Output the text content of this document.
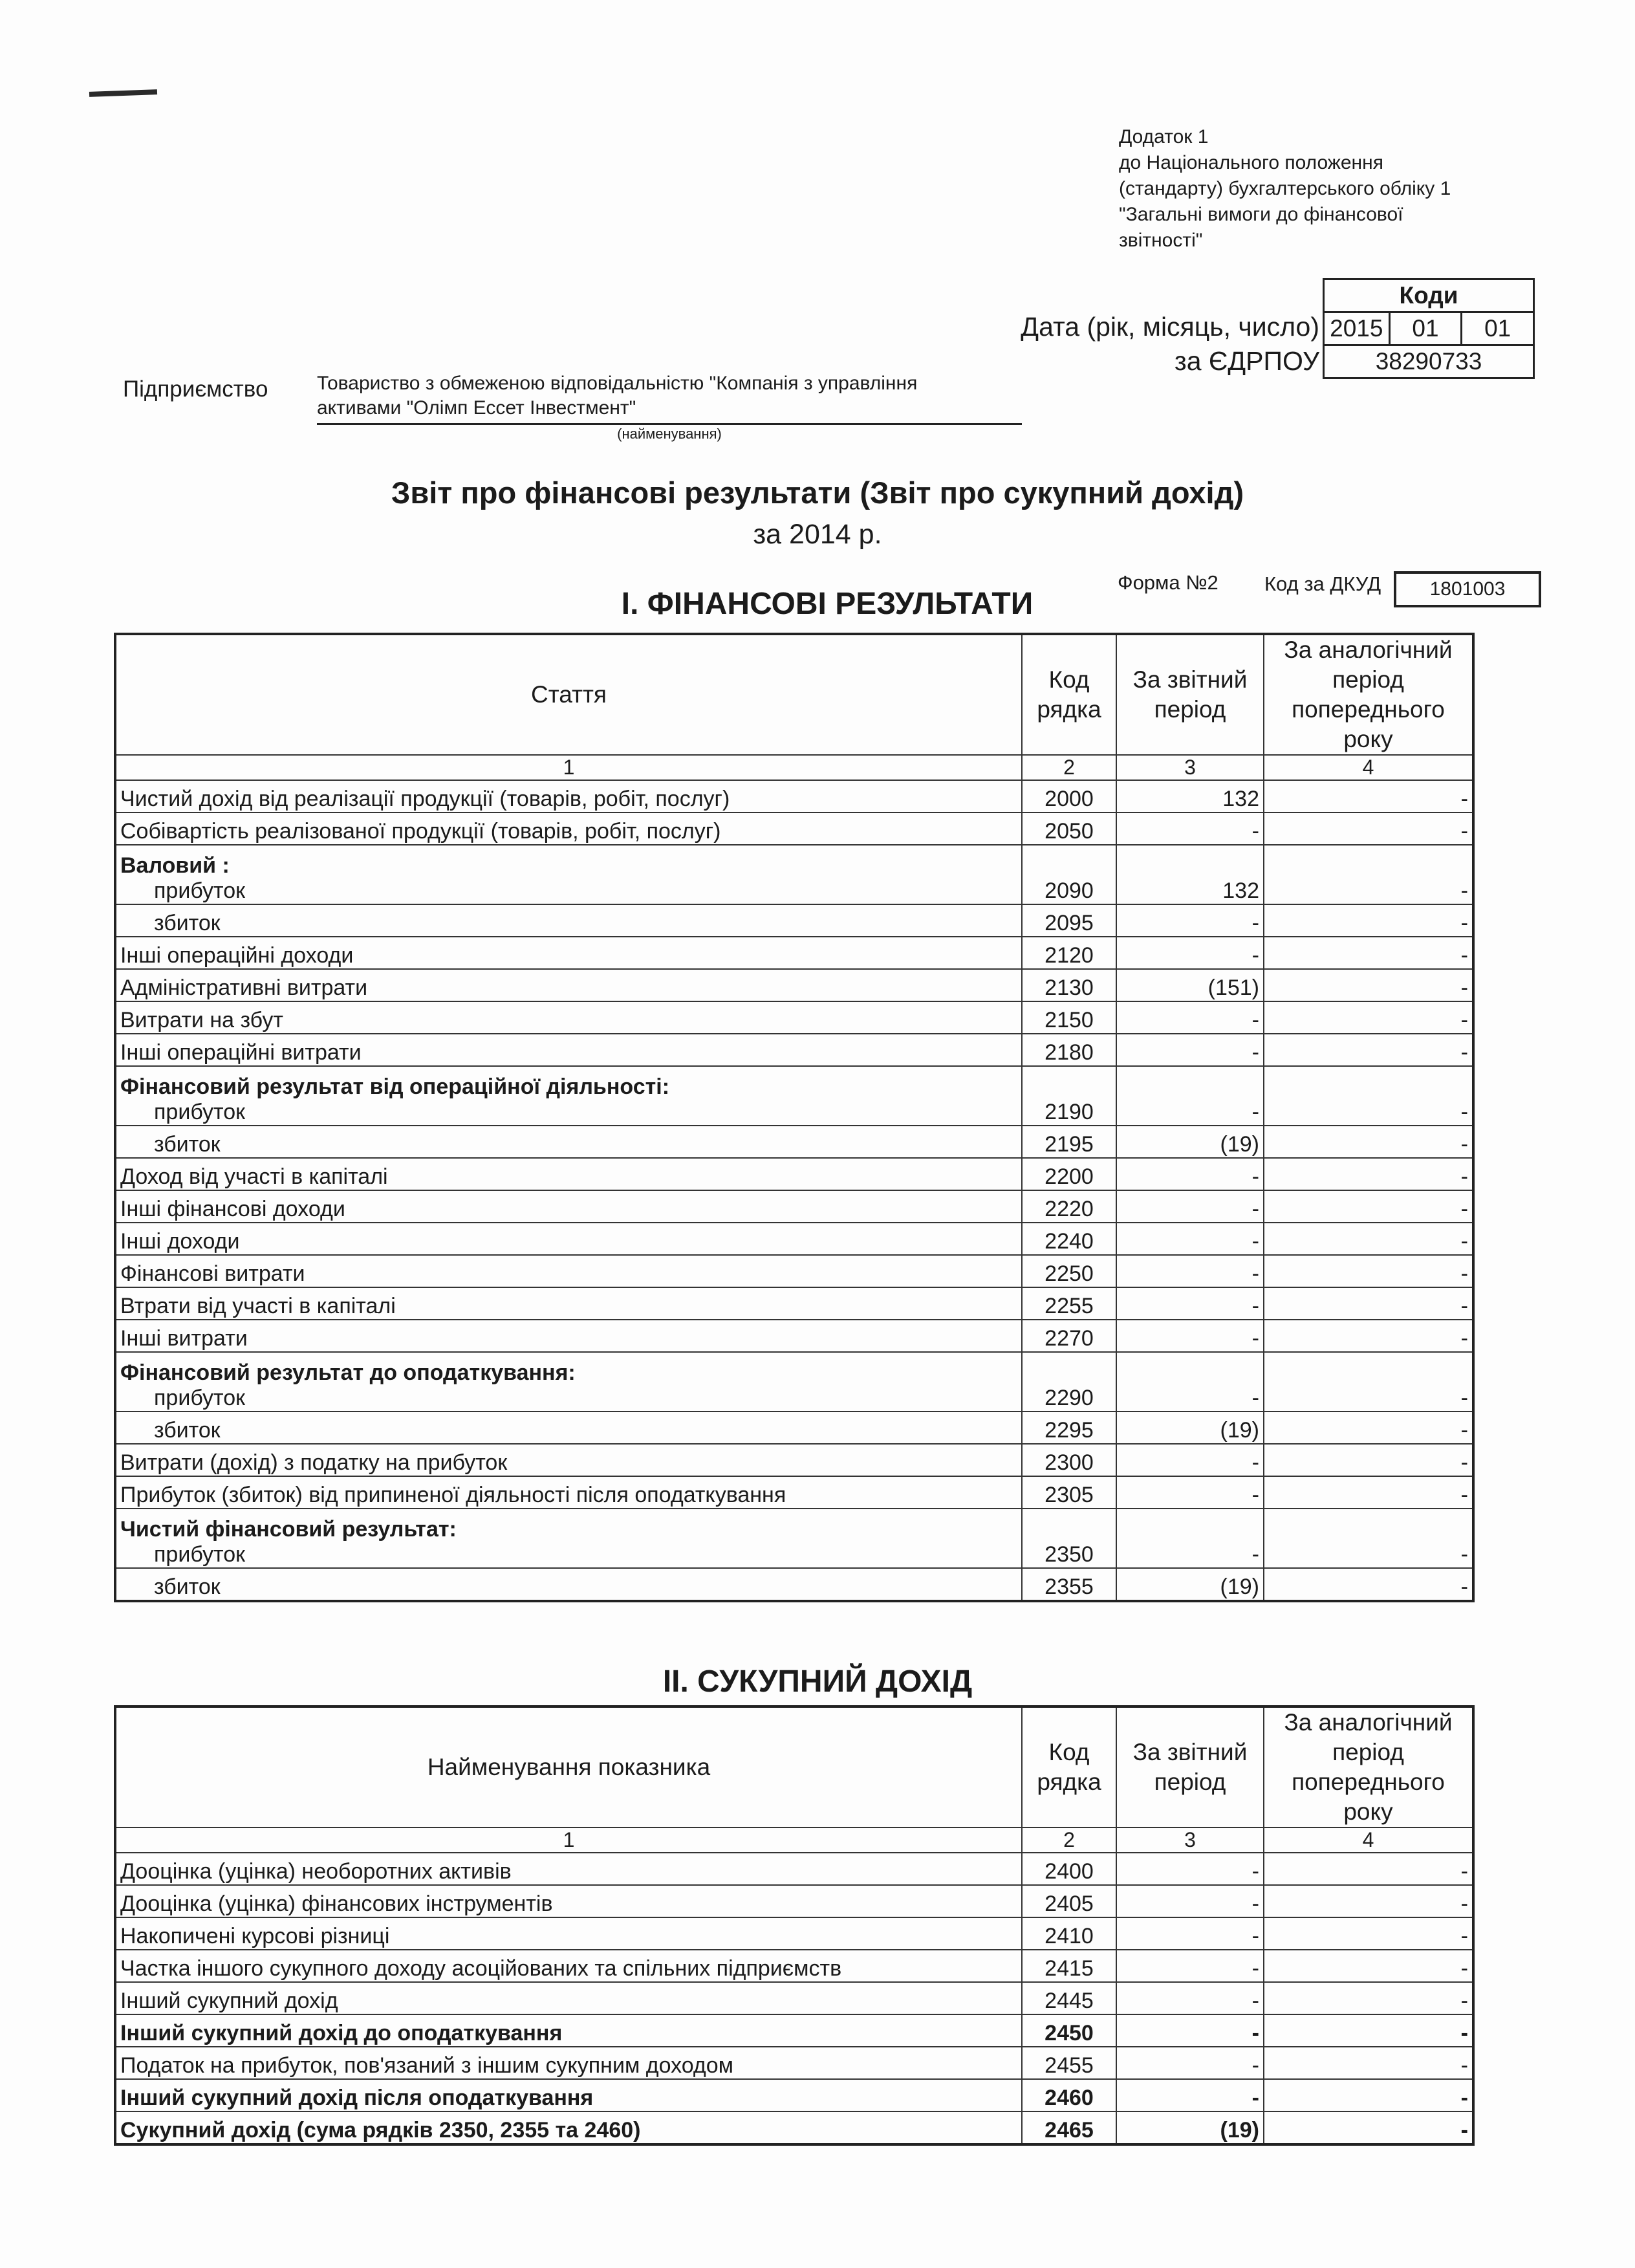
Додаток 1
до Національного положення
(стандарту) бухгалтерського обліку 1
"Загальні вимоги до фінансової
звітності"
Дата (рік, місяць, число)
за ЄДРПОУ
Коди
2015	01	01
38290733
Підприємство	Товариство з обмеженою відповідальністю "Компанія з управління
активами "Олімп Ессет Інвестмент"
(найменування)
Звіт про фінансові результати (Звіт про сукупний дохід)
за 2014 р.
Форма №2 Код за ДКУД	1801003
І. ФІНАНСОВІ РЕЗУЛЬТАТИ
Стаття	Код рядка	За звітний період	За аналогічний період попереднього року
1	2	3	4
Чистий дохід від реалізації продукції (товарів, робіт, послуг)	2000	132	-
Собівартість реалізованої продукції (товарів, робіт, послуг)	2050	-	-

Валовий :
прибуток	2090	132	-
збиток	2095	-	-
Інші операційні доходи	2120	-	-
Адміністративні витрати	2130	(151)	-
Витрати на збут	2150	-	-
Інші операційні витрати	2180	-	-

Фінансовий результат від операційної діяльності:
прибуток	2190	-	-
збиток	2195	(19)	-
Доход від участі в капіталі	2200	-	-
Інші фінансові доходи	2220	-	-
Інші доходи	2240	-	-
Фінансові витрати	2250	-	-
Втрати від участі в капіталі	2255	-	-
Інші витрати	2270	-	-

Фінансовий результат до оподаткування:
прибуток	2290	-	-
збиток	2295	(19)	-
Витрати (дохід) з податку на прибуток	2300	-	-
Прибуток (збиток) від припиненої діяльності після оподаткування	2305	-	-

Чистий фінансовий результат:
прибуток	2350	-	-
збиток	2355	(19)	-
ІІ. СУКУПНИЙ ДОХІД
Найменування показника	Код рядка	За звітний період	За аналогічний період попереднього року
1	2	3	4
Дооцінка (уцінка) необоротних активів	2400	-	-
Дооцінка (уцінка) фінансових інструментів	2405	-	-
Накопичені курсові різниці	2410	-	-
Частка іншого сукупного доходу асоційованих та спільних підприємств	2415	-	-
Інший сукупний дохід	2445	-	-
Інший сукупний дохід до оподаткування	2450	-	-
Податок на прибуток, пов'язаний з іншим сукупним доходом	2455	-	-
Інший сукупний дохід після оподаткування	2460	-	-
Сукупний дохід (сума рядків 2350, 2355 та 2460)	2465	(19)	-
